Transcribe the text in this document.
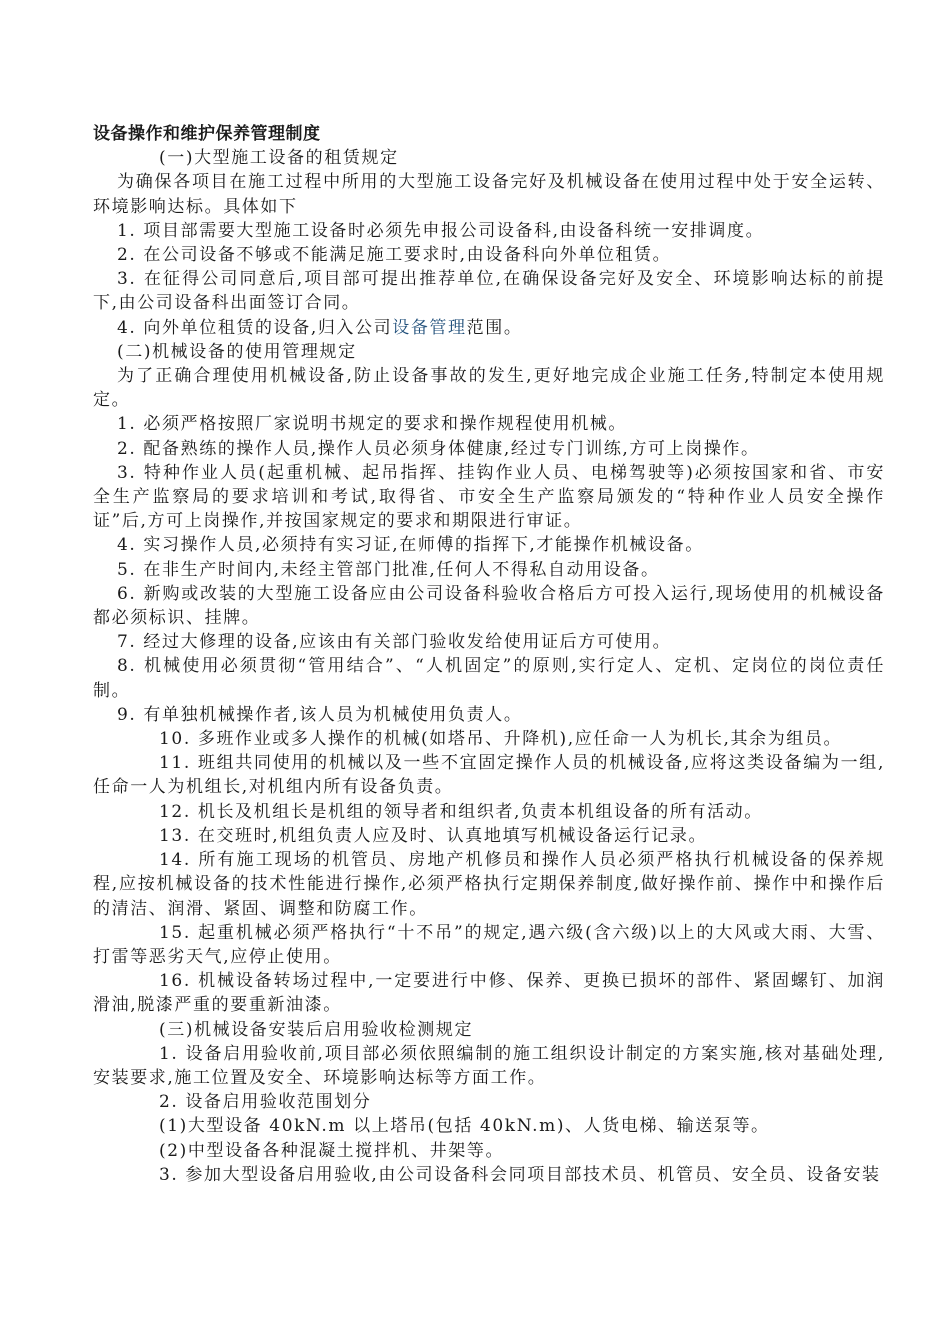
设备操作和维护保养管理制度

(一)大型施工设备的租赁规定

为确保各项目在施工过程中所用的大型施工设备完好及机械设备在使用过程中处于安全运转、环境影响达标。具体如下

1. 项目部需要大型施工设备时必须先申报公司设备科,由设备科统一安排调度。

2. 在公司设备不够或不能满足施工要求时,由设备科向外单位租赁。

3. 在征得公司同意后,项目部可提出推荐单位,在确保设备完好及安全、环境影响达标的前提下,由公司设备科出面签订合同。

4. 向外单位租赁的设备,归入公司设备管理范围。

(二)机械设备的使用管理规定

为了正确合理使用机械设备,防止设备事故的发生,更好地完成企业施工任务,特制定本使用规定。

1. 必须严格按照厂家说明书规定的要求和操作规程使用机械。

2. 配备熟练的操作人员,操作人员必须身体健康,经过专门训练,方可上岗操作。

3. 特种作业人员(起重机械、起吊指挥、挂钩作业人员、电梯驾驶等)必须按国家和省、市安全生产监察局的要求培训和考试,取得省、市安全生产监察局颁发的“特种作业人员安全操作证”后,方可上岗操作,并按国家规定的要求和期限进行审证。

4. 实习操作人员,必须持有实习证,在师傅的指挥下,才能操作机械设备。

5. 在非生产时间内,未经主管部门批准,任何人不得私自动用设备。

6. 新购或改装的大型施工设备应由公司设备科验收合格后方可投入运行,现场使用的机械设备都必须标识、挂牌。

7. 经过大修理的设备,应该由有关部门验收发给使用证后方可使用。

8. 机械使用必须贯彻“管用结合”、“人机固定”的原则,实行定人、定机、定岗位的岗位责任制。

9. 有单独机械操作者,该人员为机械使用负责人。

10. 多班作业或多人操作的机械(如塔吊、升降机),应任命一人为机长,其余为组员。

11. 班组共同使用的机械以及一些不宜固定操作人员的机械设备,应将这类设备编为一组,任命一人为机组长,对机组内所有设备负责。

12. 机长及机组长是机组的领导者和组织者,负责本机组设备的所有活动。

13. 在交班时,机组负责人应及时、认真地填写机械设备运行记录。

14. 所有施工现场的机管员、房地产机修员和操作人员必须严格执行机械设备的保养规程,应按机械设备的技术性能进行操作,必须严格执行定期保养制度,做好操作前、操作中和操作后的清洁、润滑、紧固、调整和防腐工作。

15. 起重机械必须严格执行“十不吊”的规定,遇六级(含六级)以上的大风或大雨、大雪、打雷等恶劣天气,应停止使用。

16. 机械设备转场过程中,一定要进行中修、保养、更换已损坏的部件、紧固螺钉、加润滑油,脱漆严重的要重新油漆。

(三)机械设备安装后启用验收检测规定

1. 设备启用验收前,项目部必须依照编制的施工组织设计制定的方案实施,核对基础处理,安装要求,施工位置及安全、环境影响达标等方面工作。

2. 设备启用验收范围划分

(1)大型设备 40kN.m 以上塔吊(包括 40kN.m)、人货电梯、输送泵等。

(2)中型设备各种混凝土搅拌机、井架等。

3. 参加大型设备启用验收,由公司设备科会同项目部技术员、机管员、安全员、设备安装
